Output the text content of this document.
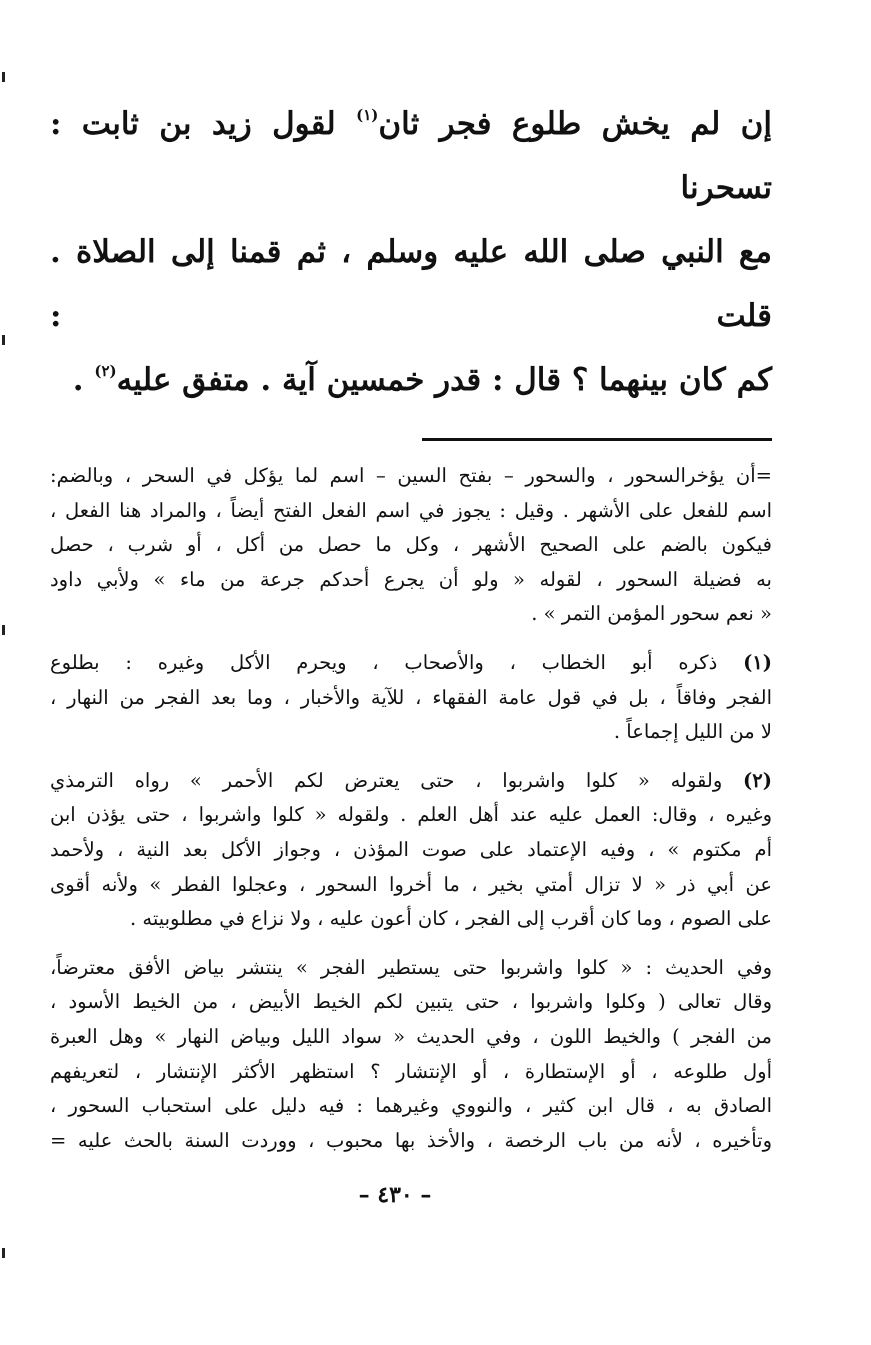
إن لم يخش طلوع فجر ثان$^{(١)}$ لقول زيد بن ثابت : تسحرنا
مع النبي صلى الله عليه وسلم ، ثم قمنا إلى الصلاة . قلت :
كم كان بينهما ؟ قال : قدر خمسين آية . متفق عليه$^{(٢)}$ .

=أن يؤخرالسحور ، والسحور – بفتح السين – اسم لما يؤكل في السحر ، وبالضم:
اسم للفعل على الأشهر . وقيل : يجوز في اسم الفعل الفتح أيضاً ، والمراد هنا الفعل ،
فيكون بالضم على الصحيح الأشهر ، وكل ما حصل من أكل ، أو شرب ، حصل
به فضيلة السحور ، لقوله « ولو أن يجرع أحدكم جرعة من ماء » ولأبي داود
« نعم سحور المؤمن التمر » .

(١) ذكره أبو الخطاب ، والأصحاب ، ويحرم الأكل وغيره : بطلوع
الفجر وفاقاً ، بل في قول عامة الفقهاء ، للآية والأخبار ، وما بعد الفجر من النهار ،
لا من الليل إجماعاً .

(٢) ولقوله « كلوا واشربوا ، حتى يعترض لكم الأحمر » رواه الترمذي
وغيره ، وقال: العمل عليه عند أهل العلم . ولقوله « كلوا واشربوا ، حتى يؤذن ابن
أم مكتوم » ، وفيه الإعتماد على صوت المؤذن ، وجواز الأكل بعد النية ، ولأحمد
عن أبي ذر « لا تزال أمتي بخير ، ما أخروا السحور ، وعجلوا الفطر » ولأنه أقوى
على الصوم ، وما كان أقرب إلى الفجر ، كان أعون عليه ، ولا نزاع في مطلوبيته .

وفي الحديث : « كلوا واشربوا حتى يستطير الفجر » ينتشر بياض الأفق معترضاً،
وقال تعالى ( وكلوا واشربوا ، حتى يتبين لكم الخيط الأبيض ، من الخيط الأسود ،
من الفجر ) والخيط اللون ، وفي الحديث « سواد الليل وبياض النهار » وهل العبرة
أول طلوعه ، أو الإستطارة ، أو الإنتشار ؟ استظهر الأكثر الإنتشار ، لتعريفهم
الصادق به ، قال ابن كثير ، والنووي وغيرهما : فيه دليل على استحباب السحور ،
وتأخيره ، لأنه من باب الرخصة ، والأخذ بها محبوب ، ووردت السنة بالحث عليه =

– ٤٣٠ –
